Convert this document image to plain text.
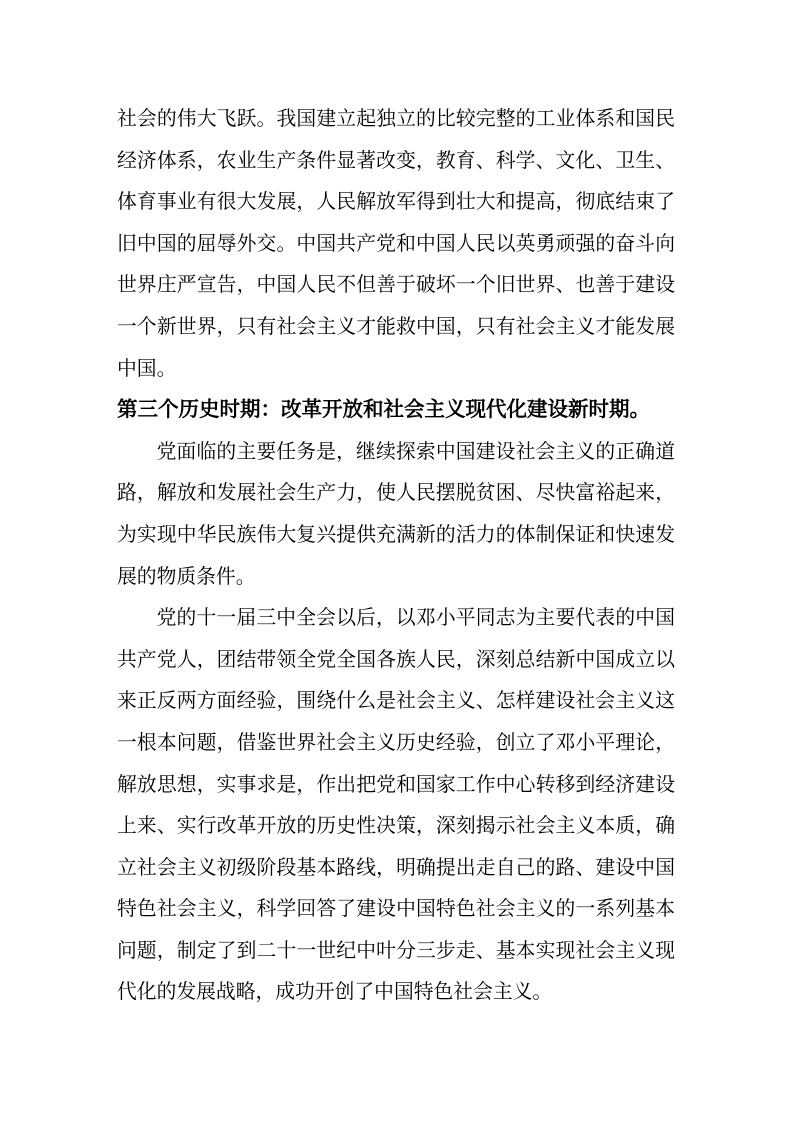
社会的伟大飞跃。我国建立起独立的比较完整的工业体系和国民
经济体系，农业生产条件显著改变，教育、科学、文化、卫生、
体育事业有很大发展，人民解放军得到壮大和提高，彻底结束了
旧中国的屈辱外交。中国共产党和中国人民以英勇顽强的奋斗向
世界庄严宣告，中国人民不但善于破坏一个旧世界、也善于建设
一个新世界，只有社会主义才能救中国，只有社会主义才能发展
中国。
第三个历史时期：改革开放和社会主义现代化建设新时期。
党面临的主要任务是，继续探索中国建设社会主义的正确道
路，解放和发展社会生产力，使人民摆脱贫困、尽快富裕起来，
为实现中华民族伟大复兴提供充满新的活力的体制保证和快速发
展的物质条件。
党的十一届三中全会以后，以邓小平同志为主要代表的中国
共产党人，团结带领全党全国各族人民，深刻总结新中国成立以
来正反两方面经验，围绕什么是社会主义、怎样建设社会主义这
一根本问题，借鉴世界社会主义历史经验，创立了邓小平理论，
解放思想，实事求是，作出把党和国家工作中心转移到经济建设
上来、实行改革开放的历史性决策，深刻揭示社会主义本质，确
立社会主义初级阶段基本路线，明确提出走自己的路、建设中国
特色社会主义，科学回答了建设中国特色社会主义的一系列基本
问题，制定了到二十一世纪中叶分三步走、基本实现社会主义现
代化的发展战略，成功开创了中国特色社会主义。
